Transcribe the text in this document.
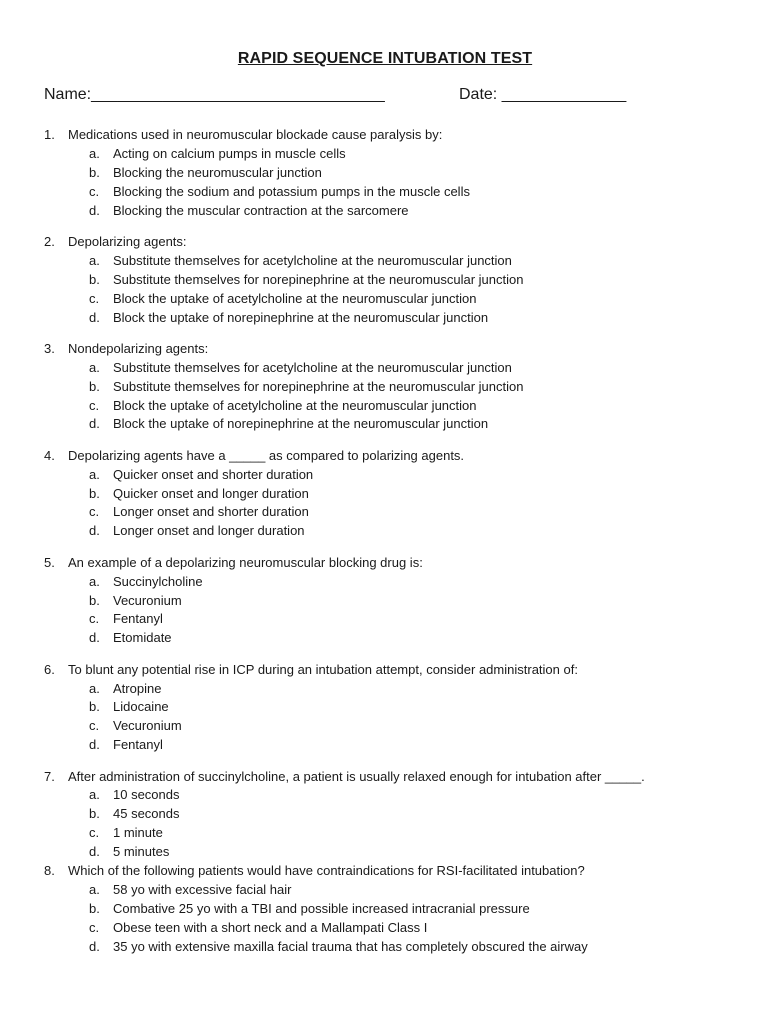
RAPID SEQUENCE INTUBATION TEST
Name:_________________________________	Date: ______________
1.	Medications used in neuromuscular blockade cause paralysis by:
a.	Acting on calcium pumps in muscle cells
b.	Blocking the neuromuscular junction
c.	Blocking the sodium and potassium pumps in the muscle cells
d.	Blocking the muscular contraction at the sarcomere
2.	Depolarizing agents:
a.	Substitute themselves for acetylcholine at the neuromuscular junction
b.	Substitute themselves for norepinephrine at the neuromuscular junction
c.	Block the uptake of acetylcholine at the neuromuscular junction
d.	Block the uptake of norepinephrine at the neuromuscular junction
3.	Nondepolarizing agents:
a.	Substitute themselves for acetylcholine at the neuromuscular junction
b.	Substitute themselves for norepinephrine at the neuromuscular junction
c.	Block the uptake of acetylcholine at the neuromuscular junction
d.	Block the uptake of norepinephrine at the neuromuscular junction
4.	Depolarizing agents have a _____ as compared to polarizing agents.
a.	Quicker onset and shorter duration
b.	Quicker onset and longer duration
c.	Longer onset and shorter duration
d.	Longer onset and longer duration
5.	An example of a depolarizing neuromuscular blocking drug is:
a.	Succinylcholine
b.	Vecuronium
c.	Fentanyl
d.	Etomidate
6.	To blunt any potential rise in ICP during an intubation attempt, consider administration of:
a.	Atropine
b.	Lidocaine
c.	Vecuronium
d.	Fentanyl
7.	After administration of succinylcholine, a patient is usually relaxed enough for intubation after _____.
a.	10 seconds
b.	45 seconds
c.	1 minute
d.	5 minutes
8.	Which of the following patients would have contraindications for RSI-facilitated intubation?
a.	58 yo with excessive facial hair
b.	Combative 25 yo with a TBI and possible increased intracranial pressure
c.	Obese teen with a short neck and a Mallampati Class I
d.	35 yo with extensive maxilla facial trauma that has completely obscured the airway
